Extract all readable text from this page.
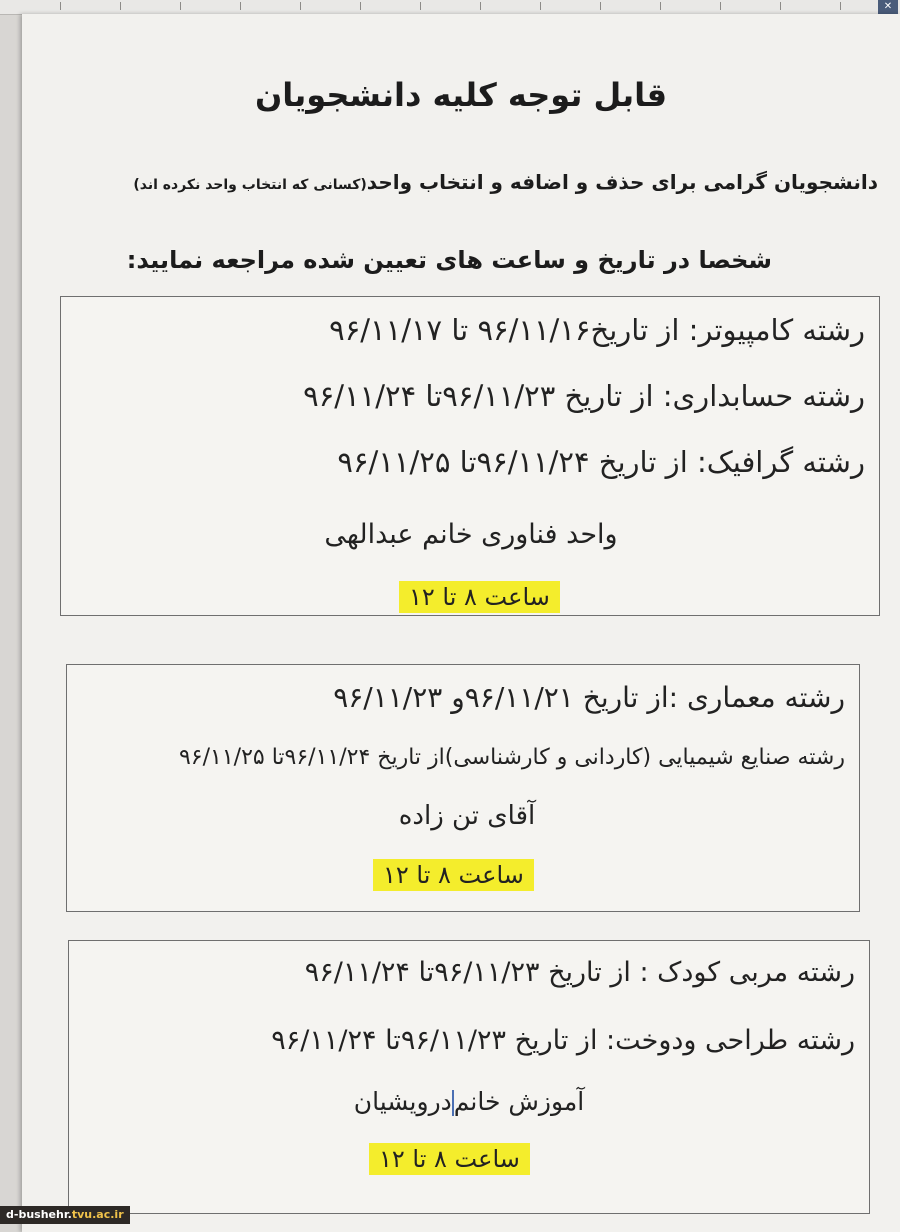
✕
قابل توجه کلیه دانشجویان
دانشجویان گرامی برای حذف و اضافه و انتخاب واحد(کسانی که انتخاب واحد نکرده اند)
شخصا در تاریخ و ساعت های تعیین شده مراجعه نمایید:
رشته کامپیوتر: از تاریخ۹۶/۱۱/۱۶ تا ۹۶/۱۱/۱۷
رشته حسابداری: از تاریخ ۹۶/۱۱/۲۳تا ۹۶/۱۱/۲۴
رشته گرافیک: از تاریخ ۹۶/۱۱/۲۴تا ۹۶/۱۱/۲۵
واحد فناوری خانم عبدالهی
ساعت ۸ تا ۱۲
رشته معماری :از تاریخ ۹۶/۱۱/۲۱و ۹۶/۱۱/۲۳
رشته صنایع شیمیایی (کاردانی و کارشناسی)از تاریخ ۹۶/۱۱/۲۴تا ۹۶/۱۱/۲۵
آقای تن زاده
ساعت ۸ تا ۱۲
رشته مربی کودک : از تاریخ ۹۶/۱۱/۲۳تا ۹۶/۱۱/۲۴
رشته طراحی ودوخت: از تاریخ ۹۶/۱۱/۲۳تا ۹۶/۱۱/۲۴
آموزش خانمدرویشیان
ساعت ۸ تا ۱۲
d-bushehr.tvu.ac.ir
